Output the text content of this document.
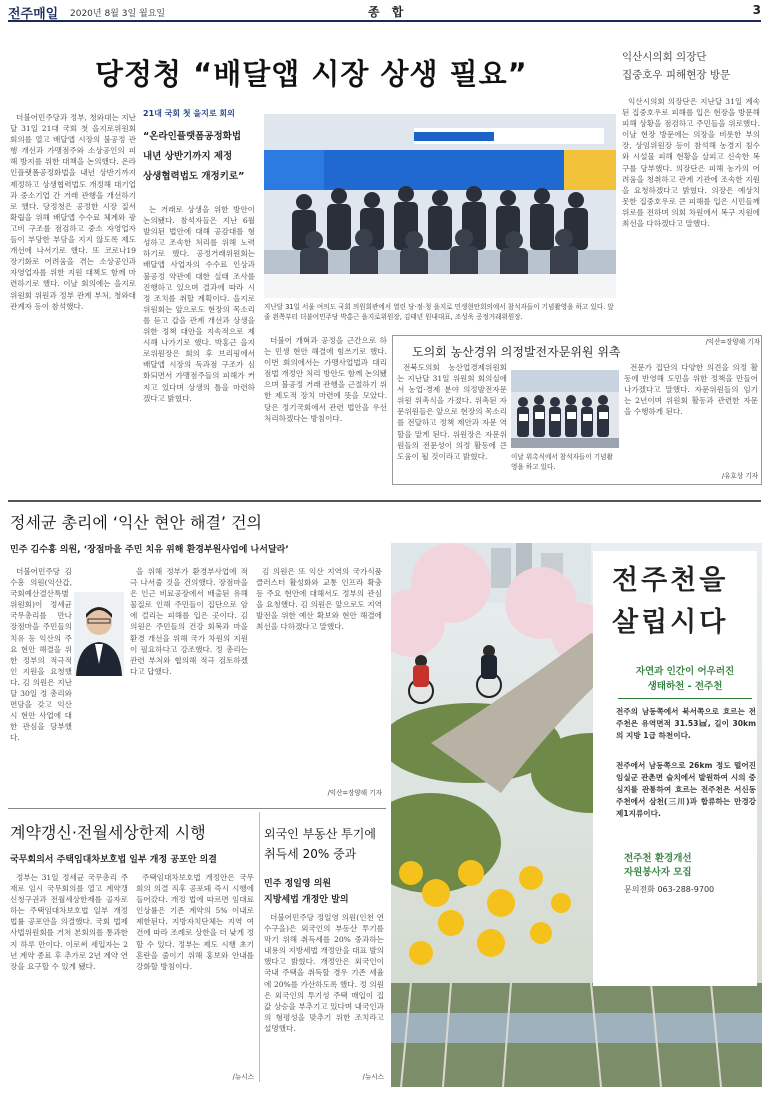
전주매일 2020년 8월 3일 월요일	종 합	3
당정청 “배달앱 시장 상생 필요”

더불어민주당과 정부, 청와대는 지난달 31일 21대 국회 첫 을지로위원회 회의를 열고 배달앱 시장의 불공정 관행 개선과 가맹점주와 소상공인의 피해 방지를 위한 대책을 논의했다. 온라인플랫폼공정화법을 내년 상반기까지 제정하고 상생협력법도 개정해 대기업과 중소기업 간 거래 관행을 개선하기로 했다. 당정청은 공정한 시장 질서 확립을 위해 배달앱 수수료 체계와 광고비 구조를 점검하고 중소 자영업자들이 부당한 부담을 지지 않도록 제도 개선에 나서기로 했다. 또 코로나19 장기화로 어려움을 겪는 소상공인과 자영업자를 위한 지원 대책도 함께 마련하기로 했다. 이날 회의에는 을지로위원회 위원과 정부 관계 부처, 청와대 관계자 등이 참석했다.

21대 국회 첫 을지로 회의
“온라인플랫폼공정화법
내년 상반기까지 제정
상생협력법도 개정키로”

는 거래로 상생을 위한 방안이 논의됐다. 참석자들은 지난 6월 발의된 법안에 대해 공감대를 형성하고 조속한 처리를 위해 노력하기로 했다. 공정거래위원회는 배달앱 사업자의 수수료 인상과 불공정 약관에 대한 실태 조사를 진행하고 있으며 결과에 따라 시정 조치를 취할 계획이다. 을지로위원회는 앞으로도 현장의 목소리를 듣고 갑을 관계 개선과 상생을 위한 정책 대안을 지속적으로 제시해 나가기로 했다. 박홍근 을지로위원장은 회의 후 브리핑에서 배달앱 시장의 독과점 구조가 심화되면서 가맹점주들의 피해가 커지고 있다며 상생의 틀을 마련하겠다고 밝혔다.

지난달 31일 서울 여의도 국회 의원회관에서 열린 당·정·청 을지로 민생현안회의에서 참석자들이 기념촬영을 하고 있다. 앞줄 왼쪽부터 더불어민주당 박홍근 을지로위원장, 김태년 원내대표, 조성욱 공정거래위원장.

더불어 개혁과 공정을 근간으로 하는 민생 현안 해결에 힘쓰기로 했다. 이번 회의에서는 가맹사업법과 대리점법 개정안 처리 방안도 함께 논의됐으며 불공정 거래 관행을 근절하기 위한 제도적 장치 마련에 뜻을 모았다. 당은 정기국회에서 관련 법안을 우선 처리하겠다는 방침이다.

익산시의회 의장단
집중호우 피해현장 방문

익산시의회 의장단은 지난달 31일 계속된 집중호우로 피해를 입은 현장을 방문해 피해 상황을 점검하고 주민들을 위로했다. 이날 현장 방문에는 의장을 비롯한 부의장, 상임위원장 등이 참석해 농경지 침수와 시설물 피해 현황을 살피고 신속한 복구를 당부했다. 의장단은 피해 농가의 어려움을 청취하고 관계 기관에 조속한 지원을 요청하겠다고 밝혔다. 의장은 예상치 못한 집중호우로 큰 피해를 입은 시민들께 위로를 전하며 의회 차원에서 복구 지원에 최선을 다하겠다고 말했다.

/익산=장양해 기자
도의회 농산경위 의정발전자문위원 위촉

전북도의회 농산업경제위원회는 지난달 31일 위원회 회의실에서 농업·경제 분야 의정발전자문위원 위촉식을 가졌다. 위촉된 자문위원들은 앞으로 현장의 목소리를 전달하고 정책 제안과 자문 역할을 맡게 된다. 위원장은 자문위원들의 전문성이 의정 활동에 큰 도움이 될 것이라고 밝혔다.	이날 위촉식에서 참석자들이 기념촬영을 하고 있다.

전문가 집단의 다양한 의견을 의정 활동에 반영해 도민을 위한 정책을 만들어 나가겠다고 말했다. 자문위원들의 임기는 2년이며 위원회 활동과 관련한 자문을 수행하게 된다.

/유호상 기자
정세균 총리에 ‘익산 현안 해결’ 건의
민주 김수흥 의원, ‘장점마을 주민 치유 위해 환경부원사업에 나서달라’

더불어민주당 김수흥 의원(익산갑, 국회예산결산특별위원회)이 정세균 국무총리를 만나 장점마을 주민들의 치유 등 익산의 주요 현안 해결을 위한 정부의 적극적인 지원을 요청했다. 김 의원은 지난달 30일 정 총리와 면담을 갖고 익산시 현안 사업에 대한 관심을 당부했다.

을 위해 정부가 환경부사업에 적극 나서줄 것을 건의했다. 장점마을은 인근 비료공장에서 배출된 유해물질로 인해 주민들이 집단으로 암에 걸리는 피해를 입은 곳이다. 김 의원은 주민들의 건강 회복과 마을 환경 개선을 위해 국가 차원의 지원이 필요하다고 강조했다. 정 총리는 관련 부처와 협의해 적극 검토하겠다고 답했다.

김 의원은 또 익산 지역의 국가식품클러스터 활성화와 교통 인프라 확충 등 주요 현안에 대해서도 정부의 관심을 요청했다. 김 의원은 앞으로도 지역 발전을 위한 예산 확보와 현안 해결에 최선을 다하겠다고 말했다.

/익산=장양해 기자
계약갱신·전월세상한제 시행
국무회의서 주택임대차보호법 일부 개정 공포안 의결

정부는 31일 정세균 국무총리 주재로 임시 국무회의를 열고 계약갱신청구권과 전월세상한제를 골자로 하는 주택임대차보호법 일부 개정 법률 공포안을 의결했다. 국회 법제사법위원회를 거쳐 본회의를 통과한 지 하루 만이다. 이로써 세입자는 2년 계약 종료 후 추가로 2년 계약 연장을 요구할 수 있게 됐다.

주택임대차보호법 개정안은 국무회의 의결 직후 공포돼 즉시 시행에 들어갔다. 개정 법에 따르면 임대료 인상률은 기존 계약의 5% 이내로 제한된다. 지방자치단체는 지역 여건에 따라 조례로 상한을 더 낮게 정할 수 있다. 정부는 제도 시행 초기 혼란을 줄이기 위해 홍보와 안내를 강화할 방침이다.

/뉴시스
외국인 부동산 투기에
취득세 20% 중과
민주 정일영 의원
지방세법 개정안 발의

더불어민주당 정일영 의원(인천 연수구을)은 외국인의 부동산 투기를 막기 위해 취득세를 20% 중과하는 내용의 지방세법 개정안을 대표 발의했다고 밝혔다. 개정안은 외국인이 국내 주택을 취득할 경우 기존 세율에 20%를 가산하도록 했다. 정 의원은 외국인의 투기성 주택 매입이 집값 상승을 부추기고 있다며 내국인과의 형평성을 맞추기 위한 조치라고 설명했다.

/뉴시스
전주천을
살립시다
자연과 인간이 어우러진
생태하천 - 전주천
전주의 남동쪽에서 북서쪽으로 흐르는 전주천은 유역면적 31.53㎢, 길이 30km의 지방 1급 하천이다.
전주에서 남동쪽으로 26km 정도 떨어진 임실군 관촌면 슬치에서 발원하여 시의 중심지를 관통하여 흐르는 전주천은 서신동 주천에서 삼천(三川)과 합류하는 만경강 제1지류이다.
전주천 환경개선
자원봉사자 모집
문의전화 063-288-9700
